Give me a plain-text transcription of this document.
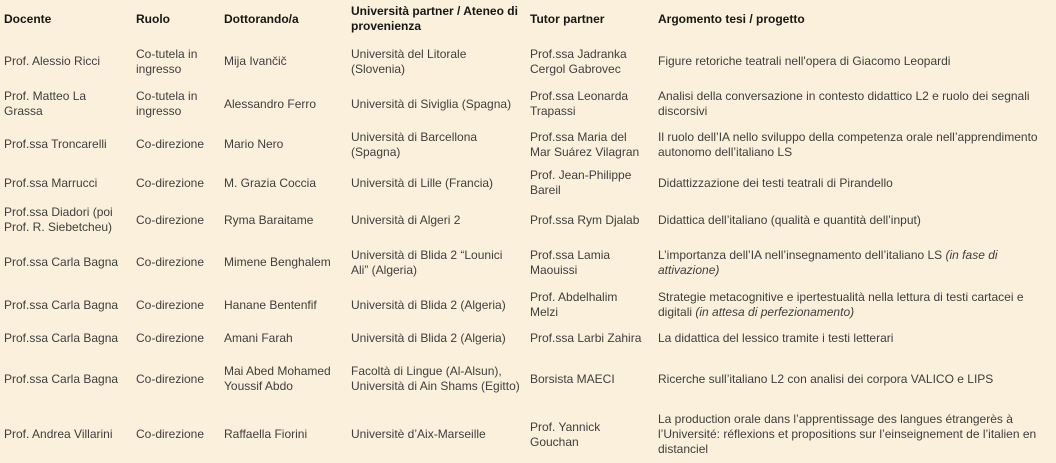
Docente	Ruolo	Dottorando/a	Università partner / Ateneo di provenienza	Tutor partner	Argomento tesi / progetto
Prof. Alessio Ricci	Co-tutela in ingresso	Mija Ivančič	Università del Litorale (Slovenia)	Prof.ssa Jadranka Cergol Gabrovec	Figure retoriche teatrali nell'opera di Giacomo Leopardi
Prof. Matteo La Grassa	Co-tutela in ingresso	Alessandro Ferro	Università di Siviglia (Spagna)	Prof.ssa Leonarda Trapassi	Analisi della conversazione in contesto didattico L2 e ruolo dei segnali discorsivi
Prof.ssa Troncarelli	Co-direzione	Mario Nero	Università di Barcellona (Spagna)	Prof.ssa Maria del Mar Suárez Vilagran	Il ruolo dell’IA nello sviluppo della competenza orale nell’apprendimento autonomo dell’italiano LS
Prof.ssa Marrucci	Co-direzione	M. Grazia Coccia	Università di Lille (Francia)	Prof. Jean-Philippe Bareil	Didattizzazione dei testi teatrali di Pirandello
Prof.ssa Diadori (poi Prof. R. Siebetcheu)	Co-direzione	Ryma Baraitame	Università di Algeri 2	Prof.ssa Rym Djalab	Didattica dell’italiano (qualità e quantità dell’input)
Prof.ssa Carla Bagna	Co-direzione	Mimene Benghalem	Università di Blida 2 “Lounici Ali” (Algeria)	Prof.ssa Lamia Maouissi	L’importanza dell’IA nell’insegnamento dell’italiano LS (in fase di attivazione)
Prof.ssa Carla Bagna	Co-direzione	Hanane Bentenfif	Università di Blida 2 (Algeria)	Prof. Abdelhalim Melzi	Strategie metacognitive e ipertestualità nella lettura di testi cartacei e digitali (in attesa di perfezionamento)
Prof.ssa Carla Bagna	Co-direzione	Amani Farah	Università di Blida 2 (Algeria)	Prof.ssa Larbi Zahira	La didattica del lessico tramite i testi letterari
Prof.ssa Carla Bagna	Co-direzione	Mai Abed Mohamed Youssif Abdo	Facoltà di Lingue (Al-Alsun), Università di Ain Shams (Egitto)	Borsista MAECI	Ricerche sull’italiano L2 con analisi dei corpora VALICO e LIPS
Prof. Andrea Villarini	Co-direzione	Raffaella Fiorini	Universitè d’Aix-Marseille	Prof. Yannick Gouchan	La production orale dans l’apprentissage des langues étrangerès à l’Université: réflexions et propositions sur l’einseignement de l’italien en distanciel
